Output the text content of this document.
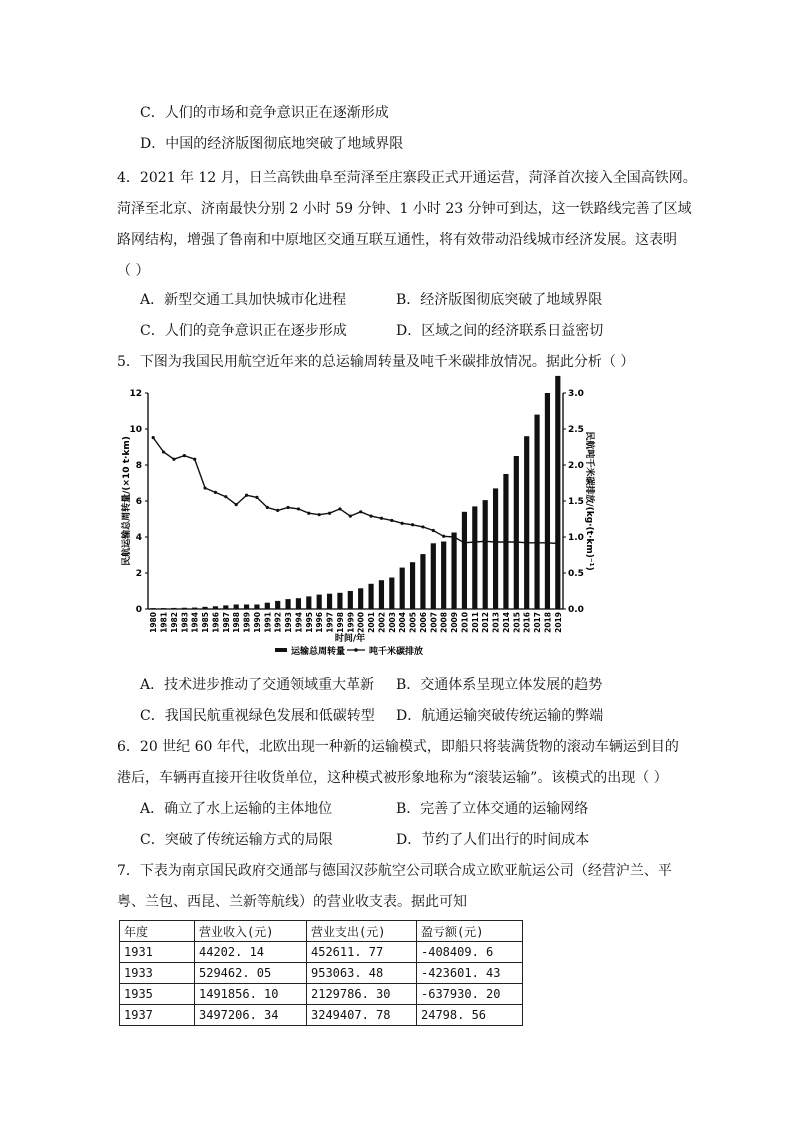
C．人们的市场和竞争意识正在逐渐形成
D．中国的经济版图彻底地突破了地域界限
4．2021 年 12 月，日兰高铁曲阜至菏泽至庄寨段正式开通运营，菏泽首次接入全国高铁网。
菏泽至北京、济南最快分别 2 小时 59 分钟、1 小时 23 分钟可到达，这一铁路线完善了区域
路网结构，增强了鲁南和中原地区交通互联互通性，将有效带动沿线城市经济发展。这表明
（ ）
A．新型交通工具加快城市化进程	B．经济版图彻底突破了地域界限
C．人们的竞争意识正在逐步形成	D．区域之间的经济联系日益密切
5．下图为我国民用航空近年来的总运输周转量及吨千米碳排放情况。据此分析（ ）
0
2
4
6
8
10
12
0.0
0.5
1.0
1.5
2.0
2.5
3.0
1980 1981 1982 1983 1984 1985 1986 1987 1988 1989 1990 1991 1992 1993 1994 1995 1996 1997 1998 1999 2000 2001 2002 2003 2004 2005 2006 2007 2008 2009 2010 2011 2012 2013 2014 2015 2016 2017 2018 2019
民航运输总周转量/(×10 t·km)	民航吨千米碳排放/(kg·(t·km)⁻¹)
时间/年
运输总周转量	吨千米碳排放
A．技术进步推动了交通领域重大革新 B．交通体系呈现立体发展的趋势
C．我国民航重视绿色发展和低碳转型 D．航通运输突破传统运输的弊端
6．20 世纪 60 年代，北欧出现一种新的运输模式，即船只将装满货物的滚动车辆运到目的
港后，车辆再直接开往收货单位，这种模式被形象地称为“滚装运输”。该模式的出现（ ）
A．确立了水上运输的主体地位	B．完善了立体交通的运输网络
C．突破了传统运输方式的局限	D．节约了人们出行的时间成本
7．下表为南京国民政府交通部与德国汉莎航空公司联合成立欧亚航运公司（经营沪兰、平
粤、兰包、西昆、兰新等航线）的营业收支表。据此可知
年度	营业收入(元)	营业支出(元)	盈亏额(元)
1931	44202. 14	452611. 77	-408409. 6
1933	529462. 05	953063. 48	-423601. 43
1935	1491856. 10	2129786. 30	-637930. 20
1937	3497206. 34	3249407. 78	24798. 56
